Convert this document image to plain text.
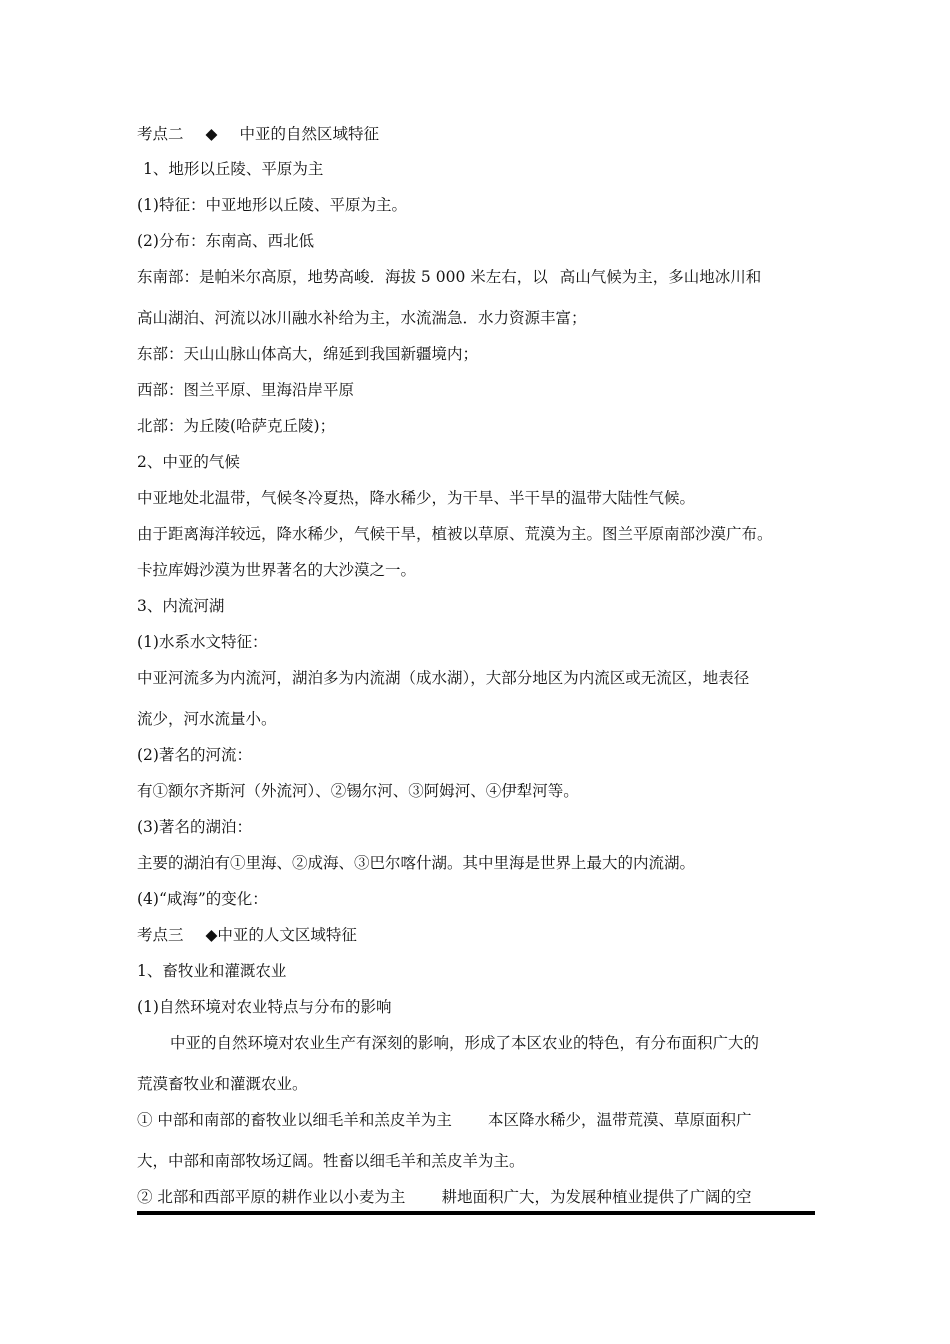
考点二 ◆ 中亚的自然区域特征
1、地形以丘陵、平原为主
(1)特征：中亚地形以丘陵、平原为主。
(2)分布：东南高、西北低
东南部：是帕米尔高原，地势高峻．海拔 5 000 米左右，以 高山气候为主，多山地冰川和
高山湖泊、河流以冰川融水补给为主，水流湍急．水力资源丰富；
东部：天山山脉山体高大，绵延到我国新疆境内；
西部：图兰平原、里海沿岸平原
北部：为丘陵(哈萨克丘陵)；
2、中亚的气候
中亚地处北温带，气候冬冷夏热，降水稀少，为干旱、半干旱的温带大陆性气候。
由于距离海洋较远，降水稀少，气候干旱，植被以草原、荒漠为主。图兰平原南部沙漠广布。
卡拉库姆沙漠为世界著名的大沙漠之一。
3、内流河湖
(1)水系水文特征：
中亚河流多为内流河，湖泊多为内流湖（成水湖），大部分地区为内流区或无流区，地表径
流少，河水流量小。
(2)著名的河流：
有①额尔齐斯河（外流河）、②锡尔河、③阿姆河、④伊犁河等。
(3)著名的湖泊：
主要的湖泊有①里海、②成海、③巴尔喀什湖。其中里海是世界上最大的内流湖。
(4)“咸海”的变化：
考点三 ◆中亚的人文区域特征
1、畜牧业和灌溉农业
(1)自然环境对农业特点与分布的影响
中亚的自然环境对农业生产有深刻的影响，形成了本区农业的特色，有分布面积广大的
荒漠畜牧业和灌溉农业。
① 中部和南部的畜牧业以细毛羊和羔皮羊为主 本区降水稀少，温带荒漠、草原面积广
大，中部和南部牧场辽阔。牲畜以细毛羊和羔皮羊为主。
② 北部和西部平原的耕作业以小麦为主 耕地面积广大，为发展种植业提供了广阔的空
